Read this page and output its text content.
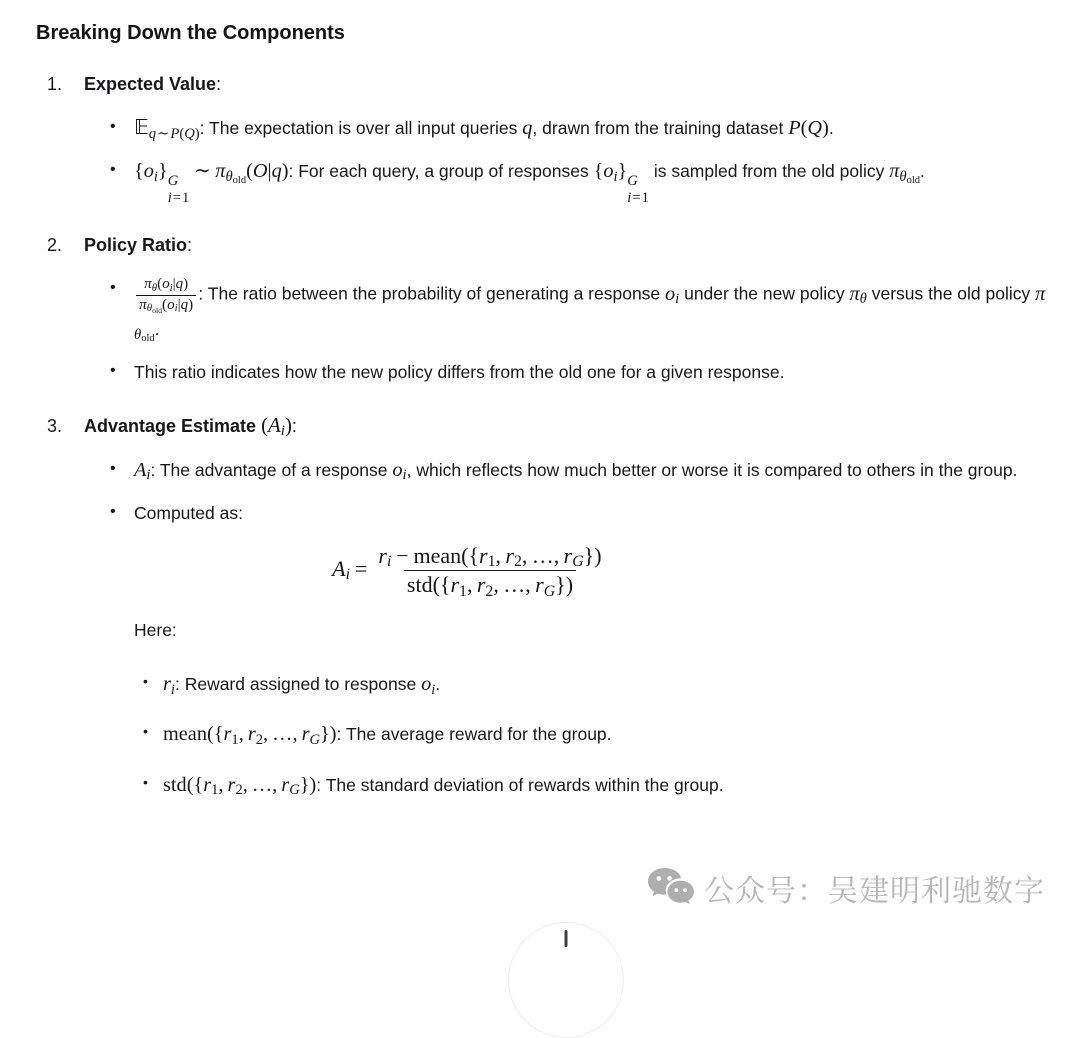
Breaking Down the Components
1.	Expected Value:
• 𝔼q∼P(Q): The expectation is over all input queries q, drawn from the training dataset P(Q).
• {oi} G
i=1
∼ πθold(O|q): For each query, a group of responses {oi} G
i=1
is sampled from the old policy πθold.
2.	Policy Ratio:
•	$\frac{\pi\theta(oi|q)}{\text{πθold(oi|q)}}$ : The ratio between the probability of generating a response oi under the new policy πθ versus the old policy πθold.
•	This ratio indicates how the new policy differs from the old one for a given response.
3.	Advantage Estimate (Ai):
• Ai: The advantage of a response oi, which reflects how much better or worse it is compared to others in the group.
•	Computed as:
$Ai = \frac{\text{ri − mean(\{r1, r2, …, rG\})}}{\text{std(\{r1, r2, …, rG\})}}$
Here:
• ri: Reward assigned to response oi.
• mean({r1, r2, …, rG}): The average reward for the group.
• std({r1, r2, …, rG}): The standard deviation of rewards within the group.
公众号：吴建明利驰数字
